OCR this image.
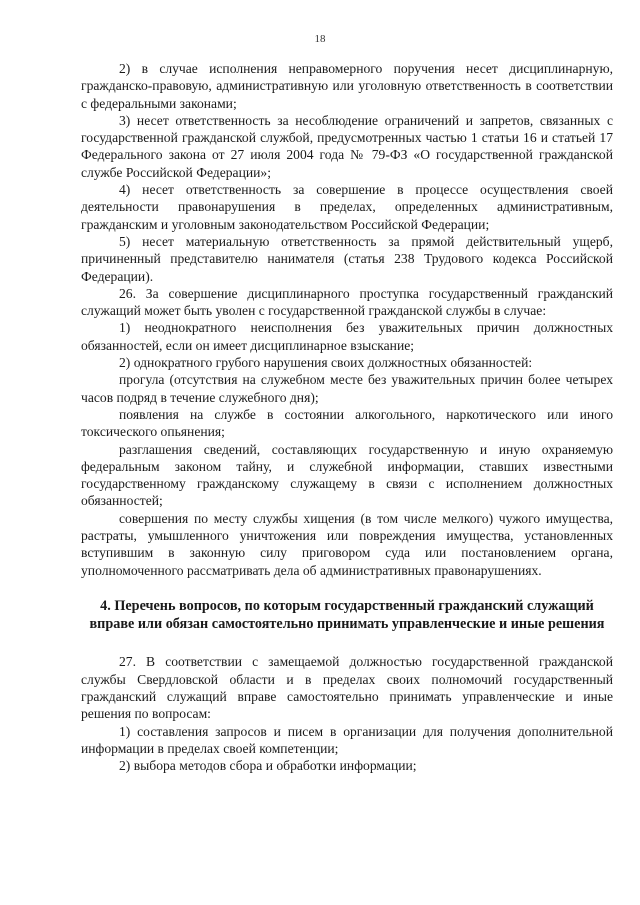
18

2) в случае исполнения неправомерного поручения несет дисциплинарную, гражданско-правовую, административную или уголовную ответственность в соответствии с федеральными законами;

3) несет ответственность за несоблюдение ограничений и запретов, связанных с государственной гражданской службой, предусмотренных частью 1 статьи 16 и статьей 17 Федерального закона от 27 июля 2004 года № 79-ФЗ «О государственной гражданской службе Российской Федерации»;

4) несет ответственность за совершение в процессе осуществления своей деятельности правонарушения в пределах, определенных административным, гражданским и уголовным законодательством Российской Федерации;

5) несет материальную ответственность за прямой действительный ущерб, причиненный представителю нанимателя (статья 238 Трудового кодекса Российской Федерации).

26. За совершение дисциплинарного проступка государственный гражданский служащий может быть уволен с государственной гражданской службы в случае:

1) неоднократного неисполнения без уважительных причин должностных обязанностей, если он имеет дисциплинарное взыскание;

2) однократного грубого нарушения своих должностных обязанностей:

прогула (отсутствия на служебном месте без уважительных причин более четырех часов подряд в течение служебного дня);

появления на службе в состоянии алкогольного, наркотического или иного токсического опьянения;

разглашения сведений, составляющих государственную и иную охраняемую федеральным законом тайну, и служебной информации, ставших известными государственному гражданскому служащему в связи с исполнением должностных обязанностей;

совершения по месту службы хищения (в том числе мелкого) чужого имущества, растраты, умышленного уничтожения или повреждения имущества, установленных вступившим в законную силу приговором суда или постановлением органа, уполномоченного рассматривать дела об административных правонарушениях.

4. Перечень вопросов, по которым государственный гражданский служащий вправе или обязан самостоятельно принимать управленческие и иные решения

27. В соответствии с замещаемой должностью государственной гражданской службы Свердловской области и в пределах своих полномочий государственный гражданский служащий вправе самостоятельно принимать управленческие и иные решения по вопросам:

1) составления запросов и писем в организации для получения дополнительной информации в пределах своей компетенции;

2) выбора методов сбора и обработки информации;
